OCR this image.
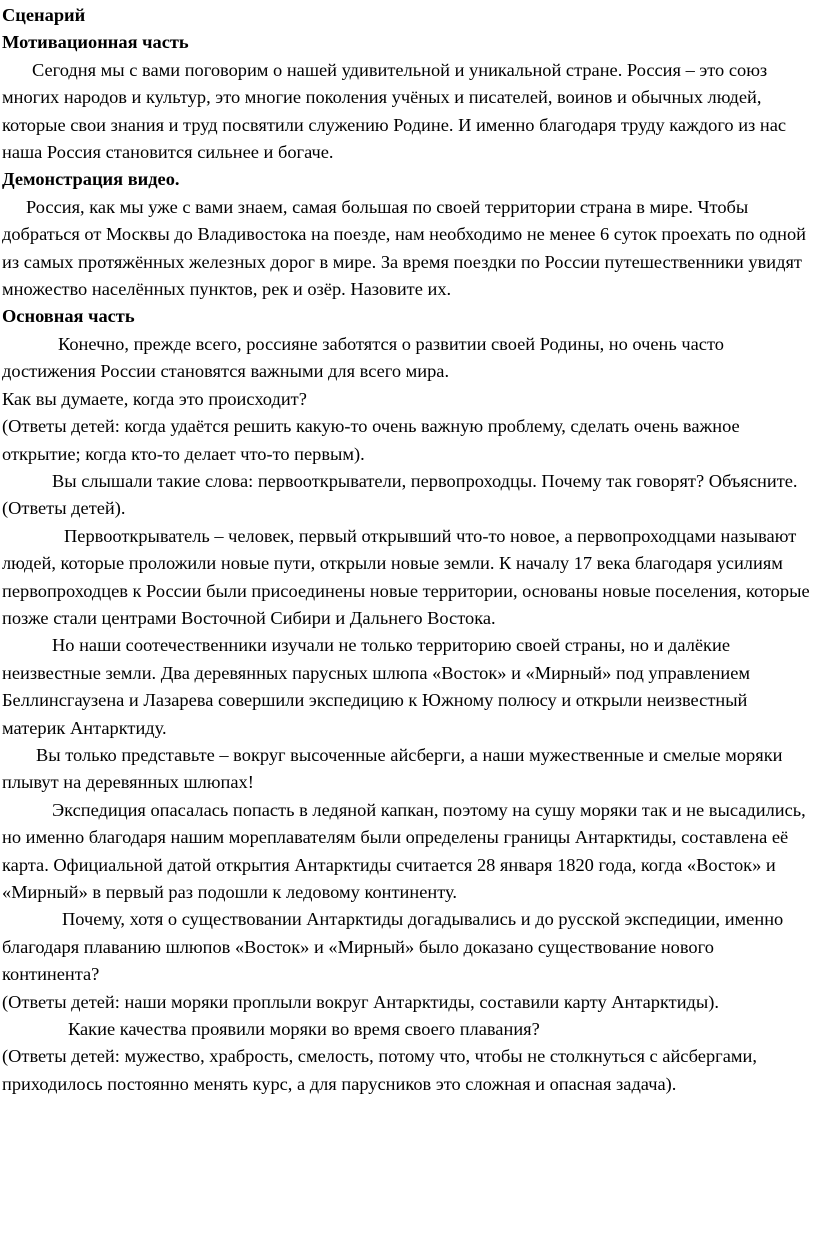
Сценарий

Мотивационная часть

Сегодня мы с вами поговорим о нашей удивительной и уникальной стране. Россия – это союз многих народов и культур, это многие поколения учёных и писателей, воинов и обычных людей, которые свои знания и труд посвятили служению Родине. И именно благодаря труду каждого из нас наша Россия становится сильнее и богаче.

Демонстрация видео.

Россия, как мы уже с вами знаем, самая большая по своей территории страна в мире. Чтобы добраться от Москвы до Владивостока на поезде, нам необходимо не менее 6 суток проехать по одной из самых протяжённых железных дорог в мире. За время поездки по России путешественники увидят множество населённых пунктов, рек и озёр. Назовите их.

Основная часть

Конечно, прежде всего, россияне заботятся о развитии своей Родины, но очень часто достижения России становятся важными для всего мира.

Как вы думаете, когда это происходит?

(Ответы детей: когда удаётся решить какую-то очень важную проблему, сделать очень важное открытие; когда кто-то делает что-то первым).

Вы слышали такие слова: первооткрыватели, первопроходцы. Почему так говорят? Объясните.

(Ответы детей).

Первооткрыватель – человек, первый открывший что-то новое, а первопроходцами называют людей, которые проложили новые пути, открыли новые земли. К началу 17 века благодаря усилиям первопроходцев к России были присоединены новые территории, основаны новые поселения, которые позже стали центрами Восточной Сибири и Дальнего Востока.

Но наши соотечественники изучали не только территорию своей страны, но и далёкие неизвестные земли. Два деревянных парусных шлюпа «Восток» и «Мирный» под управлением Беллинсгаузена и Лазарева совершили экспедицию к Южному полюсу и открыли неизвестный материк Антарктиду.

Вы только представьте – вокруг высоченные айсберги, а наши мужественные и смелые моряки плывут на деревянных шлюпах!

Экспедиция опасалась попасть в ледяной капкан, поэтому на сушу моряки так и не высадились, но именно благодаря нашим мореплавателям были определены границы Антарктиды, составлена её карта. Официальной датой открытия Антарктиды считается 28 января 1820 года, когда «Восток» и «Мирный» в первый раз подошли к ледовому континенту.

Почему, хотя о существовании Антарктиды догадывались и до русской экспедиции, именно благодаря плаванию шлюпов «Восток» и «Мирный» было доказано существование нового континента?

(Ответы детей: наши моряки проплыли вокруг Антарктиды, составили карту Антарктиды).

Какие качества проявили моряки во время своего плавания?

(Ответы детей: мужество, храбрость, смелость, потому что, чтобы не столкнуться с айсбергами, приходилось постоянно менять курс, а для парусников это сложная и опасная задача).
